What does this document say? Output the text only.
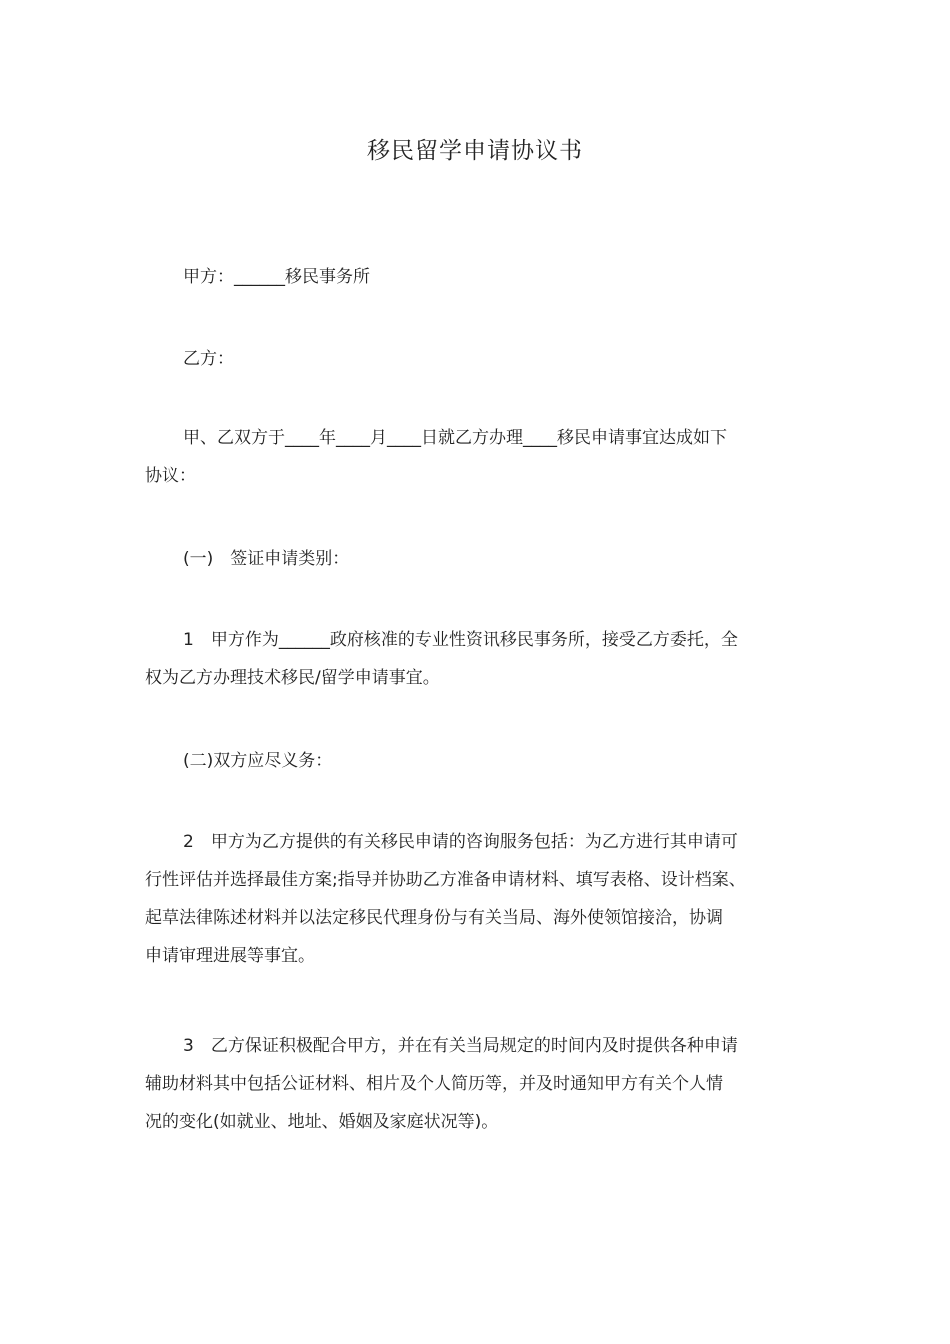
移民留学申请协议书
甲方：______移民事务所
乙方：
甲、乙双方于____年____月____日就乙方办理____移民申请事宜达成如下
协议：
(一)　签证申请类别：
1　甲方作为______政府核准的专业性资讯移民事务所，接受乙方委托，全
权为乙方办理技术移民/留学申请事宜。
(二)双方应尽义务：
2　甲方为乙方提供的有关移民申请的咨询服务包括：为乙方进行其申请可
行性评估并选择最佳方案;指导并协助乙方准备申请材料、填写表格、设计档案、
起草法律陈述材料并以法定移民代理身份与有关当局、海外使领馆接洽，协调
申请审理进展等事宜。
3　乙方保证积极配合甲方，并在有关当局规定的时间内及时提供各种申请
辅助材料其中包括公证材料、相片及个人简历等，并及时通知甲方有关个人情
况的变化(如就业、地址、婚姻及家庭状况等)。
